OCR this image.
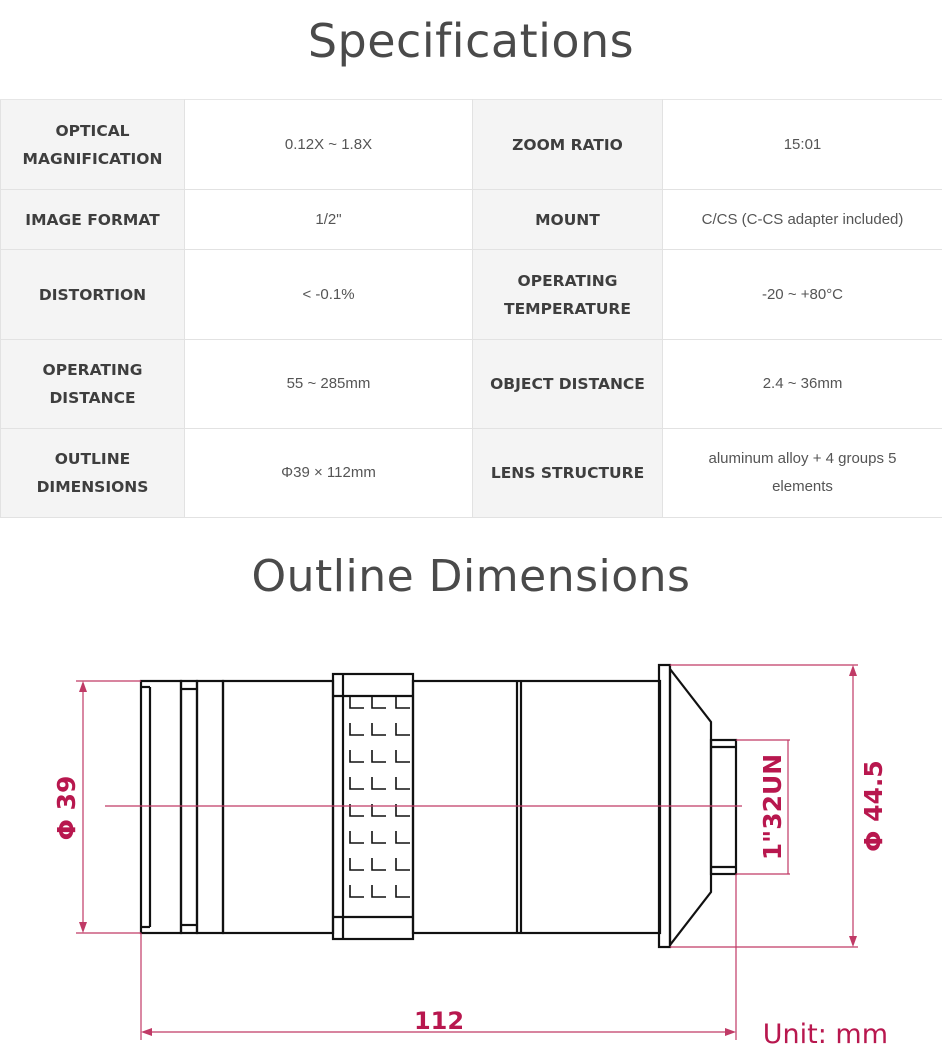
Specifications
OPTICAL MAGNIFICATION	0.12X ~ 1.8X	ZOOM RATIO	15:01
IMAGE FORMAT	1/2"	MOUNT	C/CS (C-CS adapter included)
DISTORTION	< -0.1%	OPERATING TEMPERATURE	-20 ~ +80°C
OPERATING DISTANCE	55 ~ 285mm	OBJECT DISTANCE	2.4 ~ 36mm
OUTLINE DIMENSIONS	Φ39 × 112mm	LENS STRUCTURE	aluminum alloy + 4 groups 5 elements
Outline Dimensions
Φ 39	Φ 44.5
1"32UN
112	Unit: mm
